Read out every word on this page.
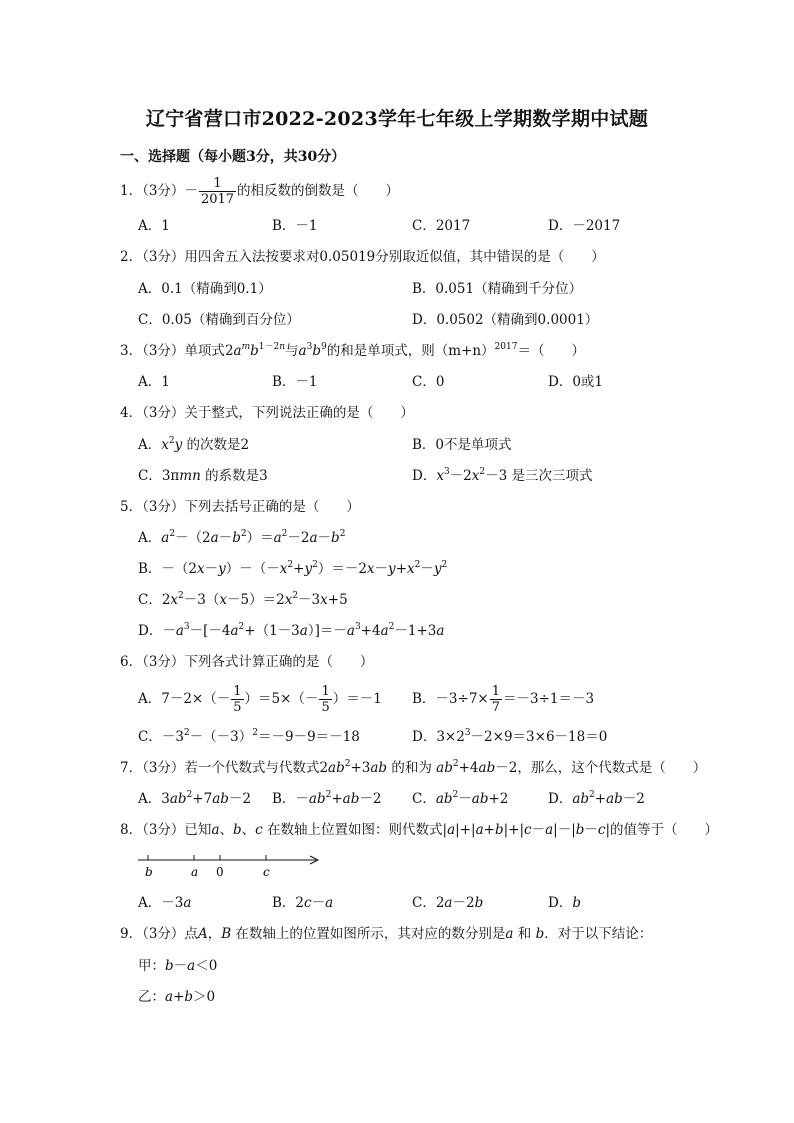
辽宁省营口市2022-2023学年七年级上学期数学期中试题
一、选择题（每小题3分，共30分）
1．（3分）－ $\frac{1}{2017}$ 的相反数的倒数是（　　）
A．1	B．－1	C．2017	D．－2017
2．（3分）用四舍五入法按要求对0.05019分别取近似值，其中错误的是（　　）
A．0.1（精确到0.1）	B．0.051（精确到千分位）
C．0.05（精确到百分位）	D．0.0502（精确到0.0001）
3．（3分）单项式$2a^mb^{1-2n}$与$a^3b^9$的和是单项式，则$(m+n)^{2017}=$（　　）
A．1	B．－1	C．0	D．0或1
4．（3分）关于整式，下列说法正确的是（　　）
A．$x^2y$ 的次数是2	B．0不是单项式
C．3πmn 的系数是3	D．$x^3-2x^2-3$ 是三次三项式
5．（3分）下列去括号正确的是（　　）
A．$a^2-(2a-b^2)=a^2-2a-b^2$
B．$-(2x-y)-(-x^2+y^2)=-2x-y+x^2-y^2$
C．$2x^2-3(x-5)=2x^2-3x+5$
D．$-a^3-[-4a^2+(1-3a)]=-a^3+4a^2-1+3a$
6．（3分）下列各式计算正确的是（　　）
A．$7-2\times(- \frac{1}{5} )=5\times(- \frac{1}{5} )=-1$ B．$-3\div 7\times \frac{1}{7} =-3\div 1=-3$
C．$-3^2-(-3)^2=-9-9=-18$	D．$3\times 2^3-2\times 9=3\times 6-18=0$
7．（3分）若一个代数式与代数式$2ab^2+3ab$ 的和为 $ab^2+4ab-2$，那么，这个代数式是（　　）
A．$3ab^2+7ab-2$ B．$-ab^2+ab-2$ C．$ab^2-ab+2$	D．$ab^2+ab-2$
8．（3分）已知a、b、c 在数轴上位置如图：则代数式|a|+|a+b|+|c－a|－|b－c|的值等于（　　）
b	a 0	c
A．－3a	B．2c－a	C．2a－2b	D．b
9．（3分）点A，B 在数轴上的位置如图所示，其对应的数分别是a 和 b．对于以下结论：
甲：b－a＜0
乙：a+b＞0
